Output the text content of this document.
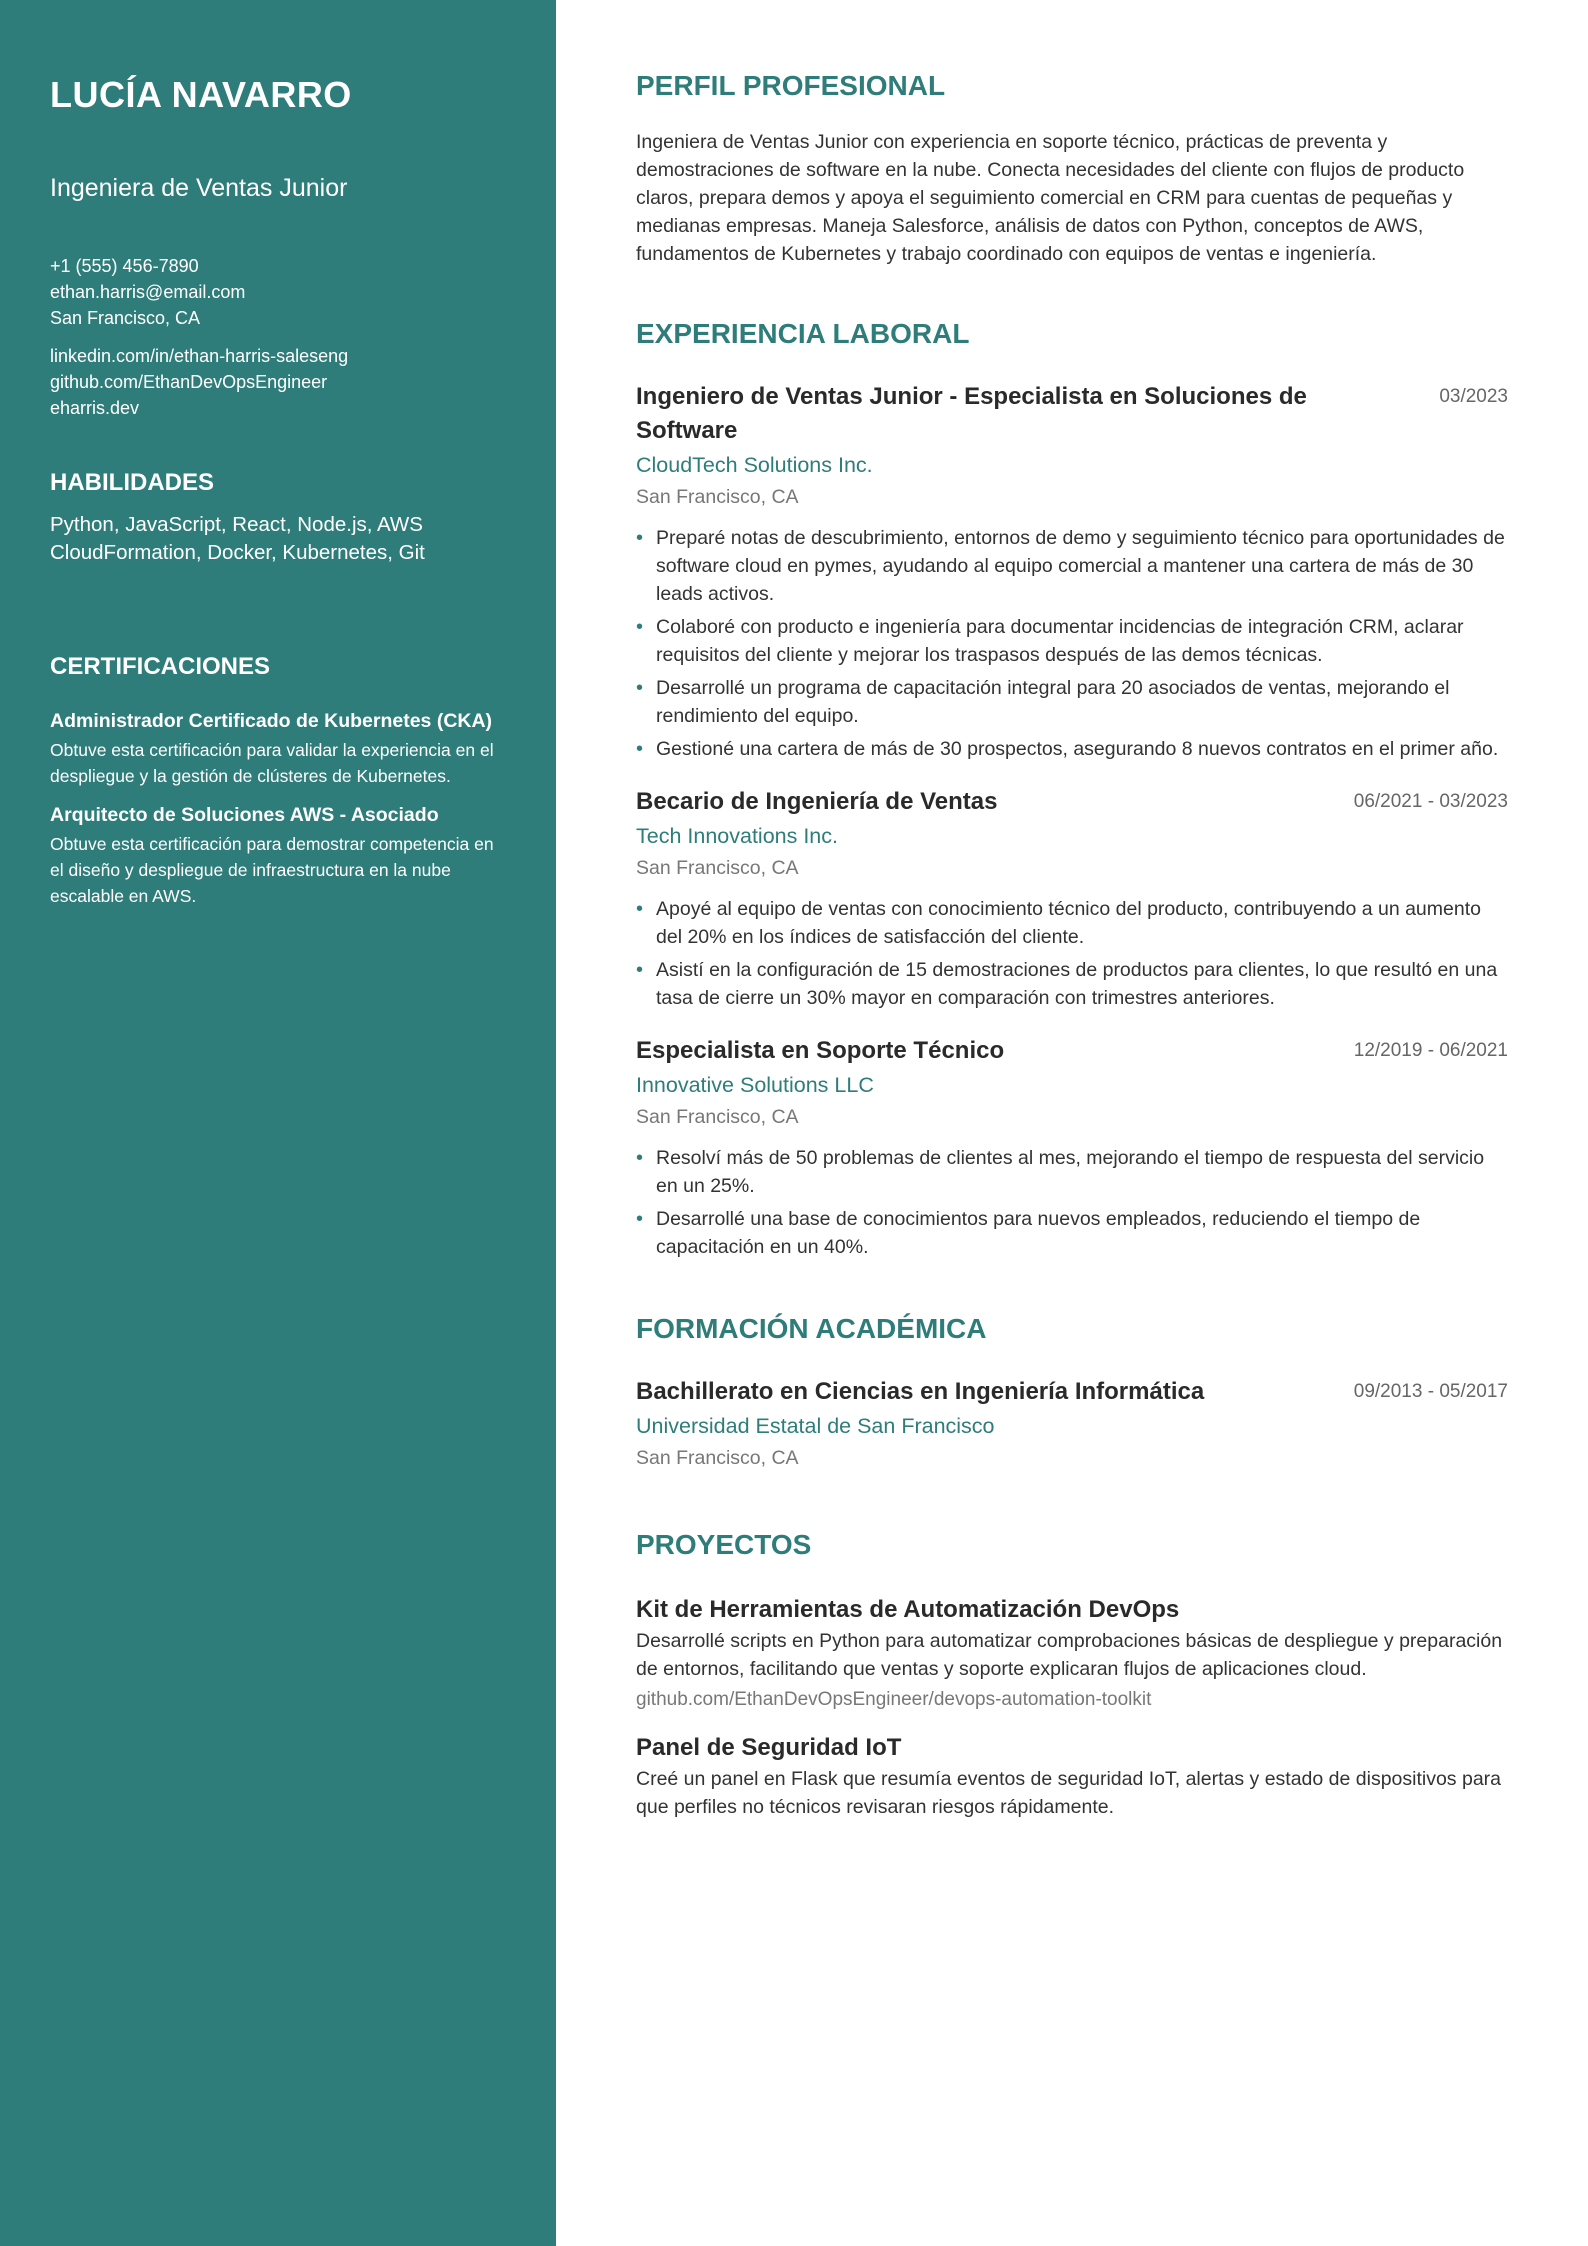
LUCÍA NAVARRO
Ingeniera de Ventas Junior
+1 (555) 456-7890
ethan.harris@email.com
San Francisco, CA
linkedin.com/in/ethan-harris-saleseng
github.com/EthanDevOpsEngineer
eharris.dev
HABILIDADES
Python, JavaScript, React, Node.js, AWS CloudFormation, Docker, Kubernetes, Git
CERTIFICACIONES
Administrador Certificado de Kubernetes (CKA)
Obtuve esta certificación para validar la experiencia en el despliegue y la gestión de clústeres de Kubernetes.
Arquitecto de Soluciones AWS - Asociado
Obtuve esta certificación para demostrar competencia en el diseño y despliegue de infraestructura en la nube escalable en AWS.
PERFIL PROFESIONAL
Ingeniera de Ventas Junior con experiencia en soporte técnico, prácticas de preventa y demostraciones de software en la nube. Conecta necesidades del cliente con flujos de producto claros, prepara demos y apoya el seguimiento comercial en CRM para cuentas de pequeñas y medianas empresas. Maneja Salesforce, análisis de datos con Python, conceptos de AWS, fundamentos de Kubernetes y trabajo coordinado con equipos de ventas e ingeniería.
EXPERIENCIA LABORAL
Ingeniero de Ventas Junior - Especialista en Soluciones de Software
03/2023
CloudTech Solutions Inc.
San Francisco, CA
• Preparé notas de descubrimiento, entornos de demo y seguimiento técnico para oportunidades de software cloud en pymes, ayudando al equipo comercial a mantener una cartera de más de 30 leads activos.
• Colaboré con producto e ingeniería para documentar incidencias de integración CRM, aclarar requisitos del cliente y mejorar los traspasos después de las demos técnicas.
• Desarrollé un programa de capacitación integral para 20 asociados de ventas, mejorando el rendimiento del equipo.
• Gestioné una cartera de más de 30 prospectos, asegurando 8 nuevos contratos en el primer año.
Becario de Ingeniería de Ventas	06/2021 - 03/2023
Tech Innovations Inc.
San Francisco, CA
• Apoyé al equipo de ventas con conocimiento técnico del producto, contribuyendo a un aumento del 20% en los índices de satisfacción del cliente.
• Asistí en la configuración de 15 demostraciones de productos para clientes, lo que resultó en una tasa de cierre un 30% mayor en comparación con trimestres anteriores.
Especialista en Soporte Técnico	12/2019 - 06/2021
Innovative Solutions LLC
San Francisco, CA
• Resolví más de 50 problemas de clientes al mes, mejorando el tiempo de respuesta del servicio en un 25%.
• Desarrollé una base de conocimientos para nuevos empleados, reduciendo el tiempo de capacitación en un 40%.
FORMACIÓN ACADÉMICA
Bachillerato en Ciencias en Ingeniería Informática	09/2013 - 05/2017
Universidad Estatal de San Francisco
San Francisco, CA
PROYECTOS
Kit de Herramientas de Automatización DevOps
Desarrollé scripts en Python para automatizar comprobaciones básicas de despliegue y preparación de entornos, facilitando que ventas y soporte explicaran flujos de aplicaciones cloud.
github.com/EthanDevOpsEngineer/devops-automation-toolkit
Panel de Seguridad IoT
Creé un panel en Flask que resumía eventos de seguridad IoT, alertas y estado de dispositivos para que perfiles no técnicos revisaran riesgos rápidamente.
